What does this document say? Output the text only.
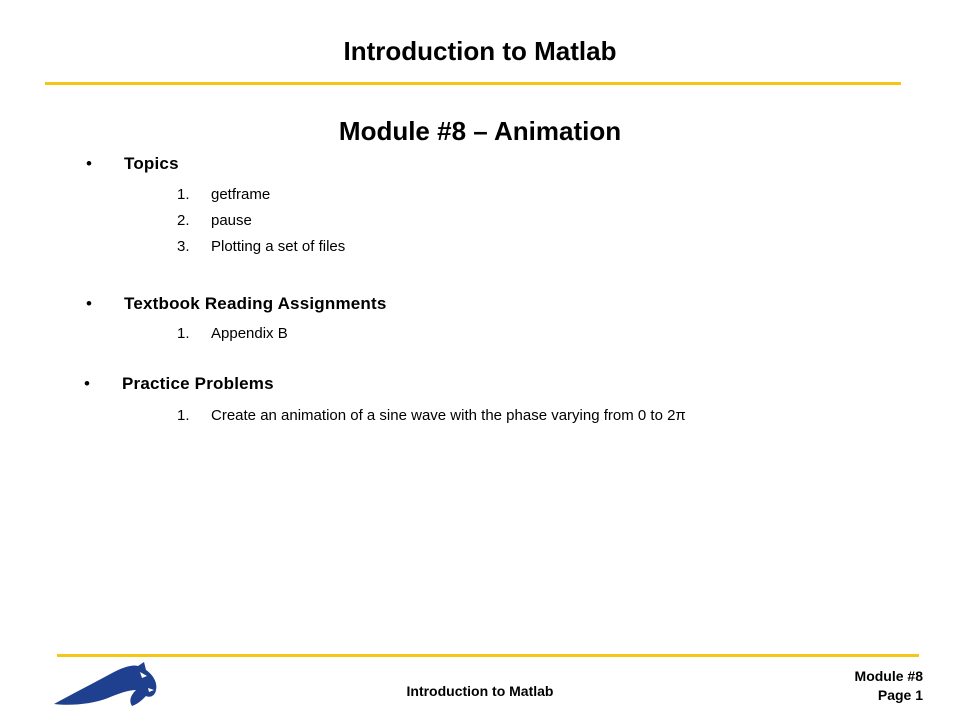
Introduction to Matlab
Module #8 – Animation
• Topics
1. getframe
2. pause
3. Plotting a set of files
• Textbook Reading Assignments
1. Appendix B
• Practice Problems
1. Create an animation of a sine wave with the phase varying from 0 to 2π
Introduction to Matlab
Module #8
Page 1
